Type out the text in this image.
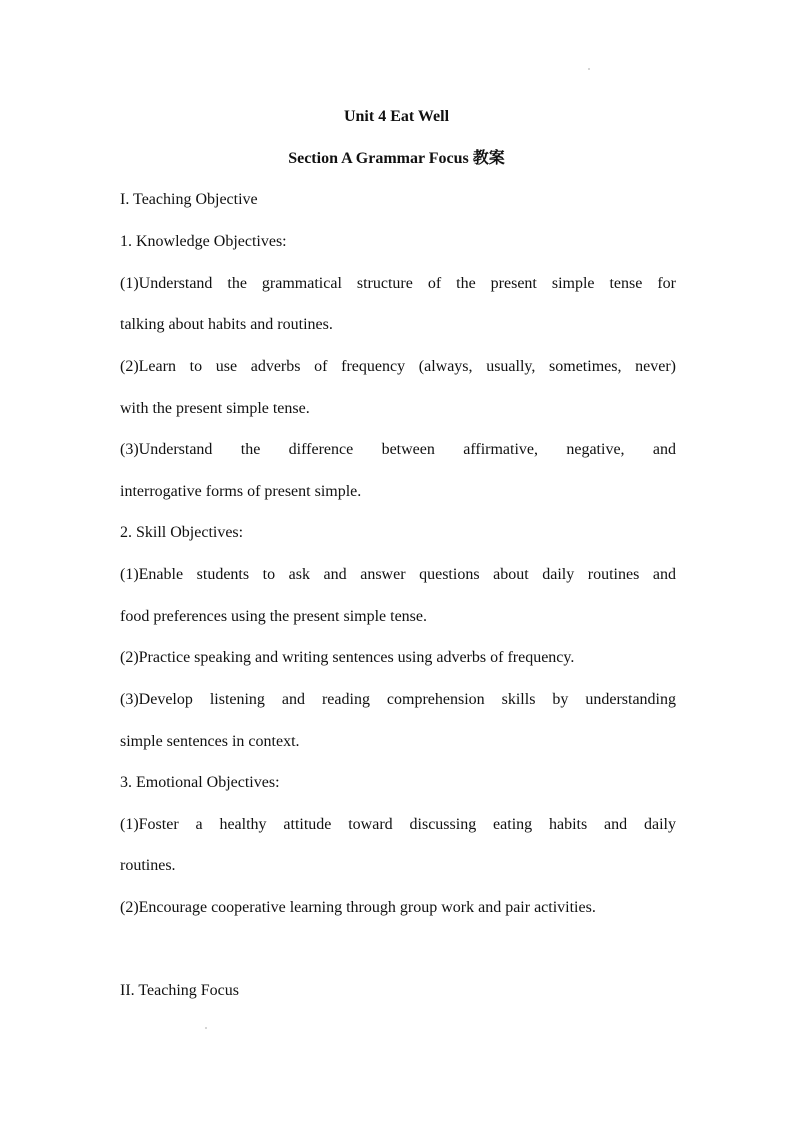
Unit 4 Eat Well
Section A Grammar Focus 教案
I. Teaching Objective
1. Knowledge Objectives:
(1)Understand the grammatical structure of the present simple tense for
talking about habits and routines.
(2)Learn to use adverbs of frequency (always, usually, sometimes, never)
with the present simple tense.
(3)Understand the difference between affirmative, negative, and
interrogative forms of present simple.
2. Skill Objectives:
(1)Enable students to ask and answer questions about daily routines and
food preferences using the present simple tense.
(2)Practice speaking and writing sentences using adverbs of frequency.
(3)Develop listening and reading comprehension skills by understanding
simple sentences in context.
3. Emotional Objectives:
(1)Foster a healthy attitude toward discussing eating habits and daily
routines.
(2)Encourage cooperative learning through group work and pair activities.
II. Teaching Focus
